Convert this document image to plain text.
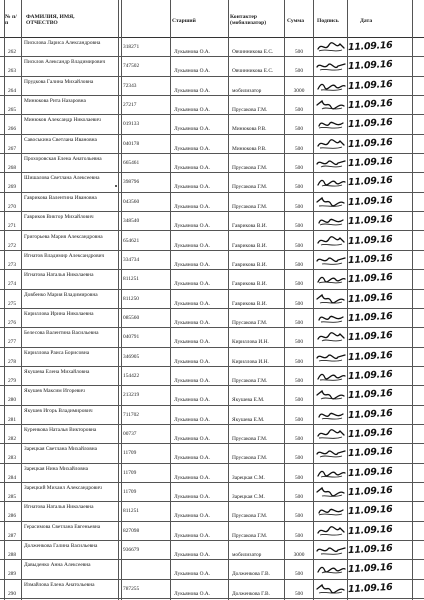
№ п/п
ФАМИЛИЯ, ИМЯ, ОТЧЕСТВО	Старший
Контактер (мобилизатор)	Сумма Подпись	Дата
262
Писклова Лариса Александровна
318271
Лукьянова О.А.	Овчинникова Е.С.	500	11.09.16
263
Писклов Александр Владимирович
747502
Лукьянова О.А.	Овчинникова Е.С.	500	11.09.16
264
Прудкова Галина Михайловна
72343
Лукьянова О.А.	мобилизатор	3000	11.09.16
265
Минюкова Рита Назаровна
27217
Лукьянова О.А.	Прусакова Г.М.	500	11.09.16
266
Минюков Александр Николаевич
019133
Лукьянова О.А.	Минюкова Р.В.	500	11.09.16
267
Савоськина Светлана Ивановна
040178
Лукьянова О.А.	Минюкова Р.В.	500	11.09.16
268
Прохоровская Елена Анатольевна
665461
Лукьянова О.А.	Прусакова Г.М.	500	11.09.16
269
Шишалова Светлана Алексеевна
398796
Лукьянова О.А.	Прусакова Г.М.	500	11.09.16
270
Гаврикова Валентина Ивановна
043560
Лукьянова О.А.	Прусакова Г.М.	500	11.09.16
271
Гавриков Виктор Михайлович
348540
Лукьянова О.А.	Гаврикова В.И.	500	11.09.16
272
Григорьева Мария Александровна
654621
Лукьянова О.А.	Гаврикова В.И.	500	11.09.16
273
Игнатов Владимир Александрович
334734
Лукьянова О.А.	Гаврикова В.И.	500	11.09.16
274
Игнатова Наталья Николаевна
811251
Лукьянова О.А.	Гаврикова В.И.	500	11.09.16
275
Довбенко Мария Владимировна
811250
Лукьянова О.А.	Гаврикова В.И.	500	11.09.16
276
Кириллова Ирина Николаевна
085560
Лукьянова О.А.	Прусакова Г.М.	500	11.09.16
277
Белесова Валентина Васильевна
040791
Лукьянова О.А.	Кириллова И.Н.	500	11.09.16
278
Кириллова Раиса Борисовна
346905
Лукьянова О.А.	Кириллова И.Н.	500	11.09.16
279
Якушева Елена Михайловна
154422
Лукьянова О.А.	Прусакова Г.М.	500	11.09.16
280
Якушев Максим Игоревич
213219
Лукьянова О.А.	Якушева Е.М.	500	11.09.16
281
Якушев Игорь Владимирович
711702
Лукьянова О.А.	Якушева Е.М.	500	11.09.16
282
Куренкова Наталья Викторовна
00737
Лукьянова О.А.	Прусакова Г.М.	500	11.09.16
283
Зарецкая Светлана Михайловна
11709
Лукьянова О.А.	Прусакова Г.М.	500	11.09.16
284
Зарецкая Нина Михайловна
11709
Лукьянова О.А.	Зарецкая С.М.	500	11.09.16
285
Зарецкий Михаил Александрович
11709
Лукьянова О.А.	Зарецкая С.М.	500	11.09.16
286
Игнатова Наталья Николаевна
811251
Лукьянова О.А.	Прусакова Г.М.	500	11.09.16
287
Герасимова Светлана Евгеньевна
827098
Лукьянова О.А.	Прусакова Г.М.	500	11.09.16
288
Долженкова Галина Васильевна
936679
Лукьянова О.А.	мобилизатор	3000	11.09.16
289
Давыденко Анна Алексеевна
Лукьянова О.А.	Долженкова Г.В.	500	11.09.16
290
Измайлова Елена Анатольевна
787255
Лукьянова О.А.	Долженкова Г.В.	500	11.09.16
